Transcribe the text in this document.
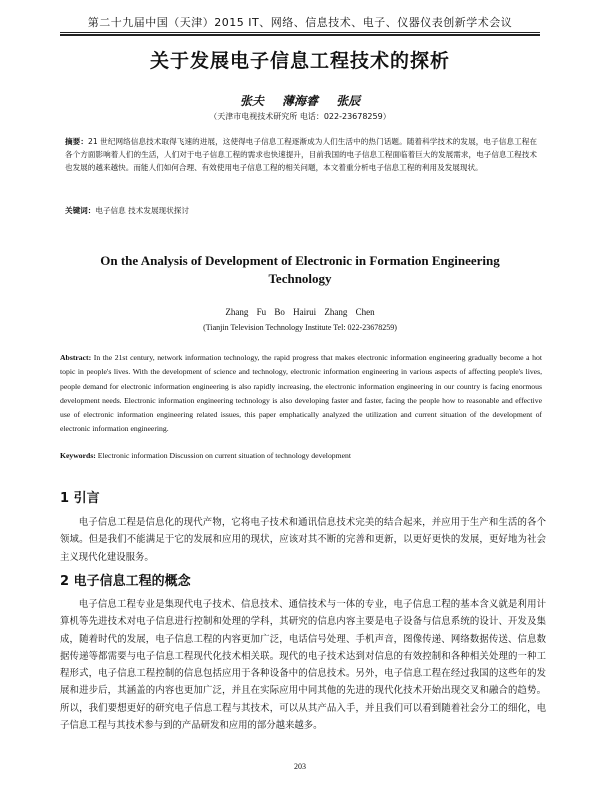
第二十九届中国（天津）2015 IT、网络、信息技术、电子、仪器仪表创新学术会议
关于发展电子信息工程技术的探析
张夫 薄海睿 张辰
（天津市电视技术研究所 电话：022-23678259）
摘要：21 世纪网络信息技术取得飞速的进展，这使得电子信息工程逐渐成为人们生活中的热门话题。随着科学技术的发展，电子信息工程在各个方面影响着人们的生活，人们对于电子信息工程的需求也快速提升，目前我国的电子信息工程面临着巨大的发展需求，电子信息工程技术也发展的越来越快。而能人们如何合理、有效使用电子信息工程的相关问题，本文着重分析电子信息工程的利用及发展现状。
关键词：电子信息 技术发展现状探讨
On the Analysis of Development of Electronic in Formation Engineering Technology
Zhang Fu Bo Hairui Zhang Chen
(Tianjin Television Technology Institute Tel: 022-23678259)
Abstract: In the 21st century, network information technology, the rapid progress that makes electronic information engineering gradually become a hot topic in people's lives. With the development of science and technology, electronic information engineering in various aspects of affecting people's lives, people demand for electronic information engineering is also rapidly increasing, the electronic information engineering in our country is facing enormous development needs. Electronic information engineering technology is also developing faster and faster, facing the people how to reasonable and effective use of electronic information engineering related issues, this paper emphatically analyzed the utilization and current situation of the development of electronic information engineering.
Keywords: Electronic information Discussion on current situation of technology development
1 引言
电子信息工程是信息化的现代产物，它将电子技术和通讯信息技术完美的结合起来，并应用于生产和生活的各个领域。但是我们不能满足于它的发展和应用的现状，应该对其不断的完善和更新，以更好更快的发展，更好地为社会主义现代化建设服务。
2 电子信息工程的概念
电子信息工程专业是集现代电子技术、信息技术、通信技术与一体的专业，电子信息工程的基本含义就是利用计算机等先进技术对电子信息进行控制和处理的学科，其研究的信息内容主要是电子设备与信息系统的设计、开发及集成，随着时代的发展，电子信息工程的内容更加广泛，电话信号处理、手机声音，图像传递、网络数据传送、信息数据传递等都需要与电子信息工程现代化技术相关联。现代的电子技术达到对信息的有效控制和各种相关处理的一种工程形式，电子信息工程控制的信息包括应用于各种设备中的信息技术。另外，电子信息工程在经过我国的这些年的发展和进步后，其涵盖的内容也更加广泛，并且在实际应用中同其他的先进的现代化技术开始出现交叉和融合的趋势。所以，我们要想更好的研究电子信息工程与其技术，可以从其产品入手，并且我们可以看到随着社会分工的细化，电子信息工程与其技术参与到的产品研发和应用的部分越来越多。
203
